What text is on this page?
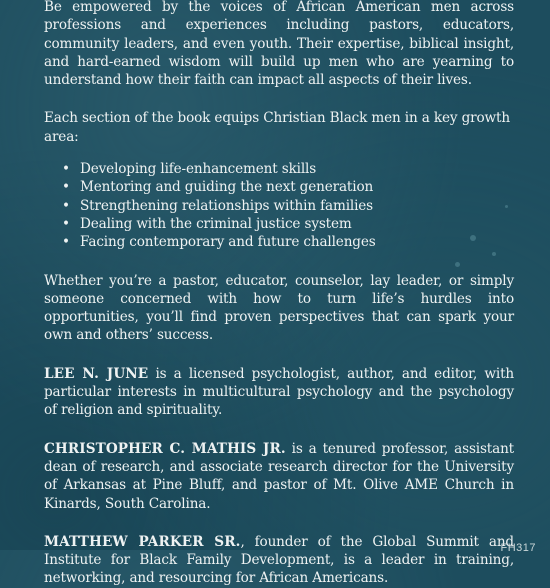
Be empowered by the voices of African American men across professions and experiences including pastors, educators, community leaders, and even youth. Their expertise, biblical insight, and hard-earned wisdom will build up men who are yearning to understand how their faith can impact all aspects of their lives.

Each section of the book equips Christian Black men in a key growth area:

• Developing life-enhancement skills
• Mentoring and guiding the next generation
• Strengthening relationships within families
• Dealing with the criminal justice system
• Facing contemporary and future challenges

Whether you’re a pastor, educator, counselor, lay leader, or simply someone concerned with how to turn life’s hurdles into opportunities, you’ll find proven perspectives that can spark your own and others’ success.

LEE N. JUNE is a licensed psychologist, author, and editor, with particular interests in multicultural psychology and the psychology of religion and spirituality.

CHRISTOPHER C. MATHIS JR. is a tenured professor, assistant dean of research, and associate research director for the University of Arkansas at Pine Bluff, and pastor of Mt. Olive AME Church in Kinards, South Carolina.

MATTHEW PARKER SR., founder of the Global Summit and Institute for Black Family Development, is a leader in training, networking, and resourcing for African Americans.

FH317
